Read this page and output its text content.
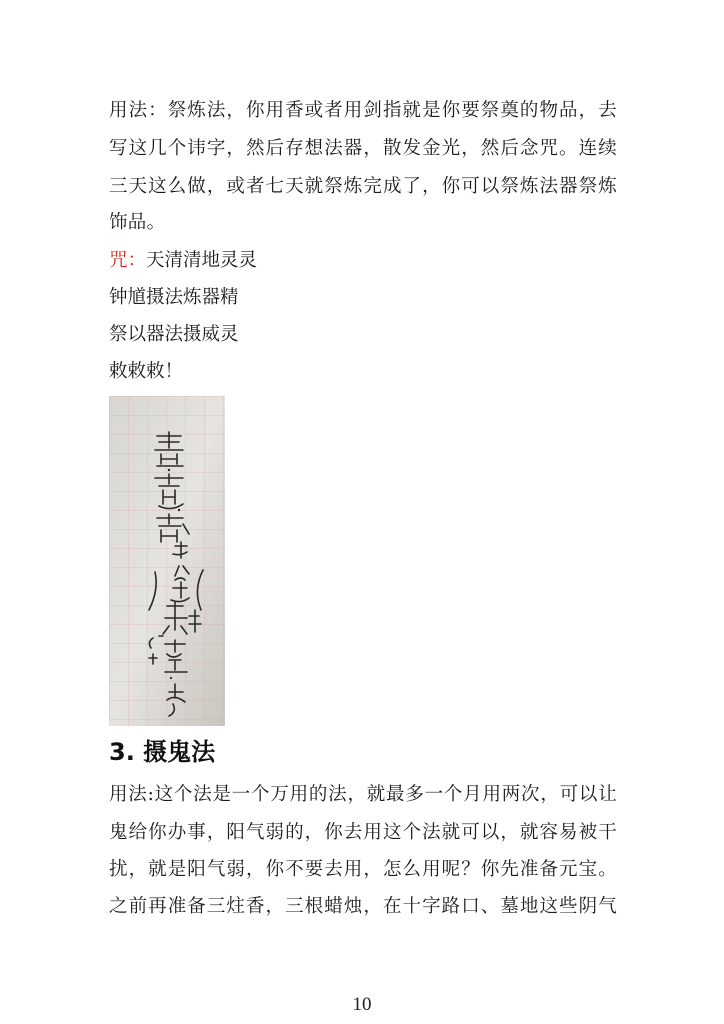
用法：祭炼法，你用香或者用剑指就是你要祭奠的物品，去
写这几个讳字，然后存想法器，散发金光，然后念咒。连续
三天这么做，或者七天就祭炼完成了，你可以祭炼法器祭炼
饰品。
咒：天清清地灵灵
钟馗摄法炼器精
祭以器法摄威灵
敕敕敕！
3. 摄鬼法
用法:这个法是一个万用的法，就最多一个月用两次，可以让
鬼给你办事，阳气弱的，你去用这个法就可以，就容易被干
扰，就是阳气弱，你不要去用，怎么用呢？你先准备元宝。
之前再准备三炷香，三根蜡烛，在十字路口、墓地这些阴气
10
